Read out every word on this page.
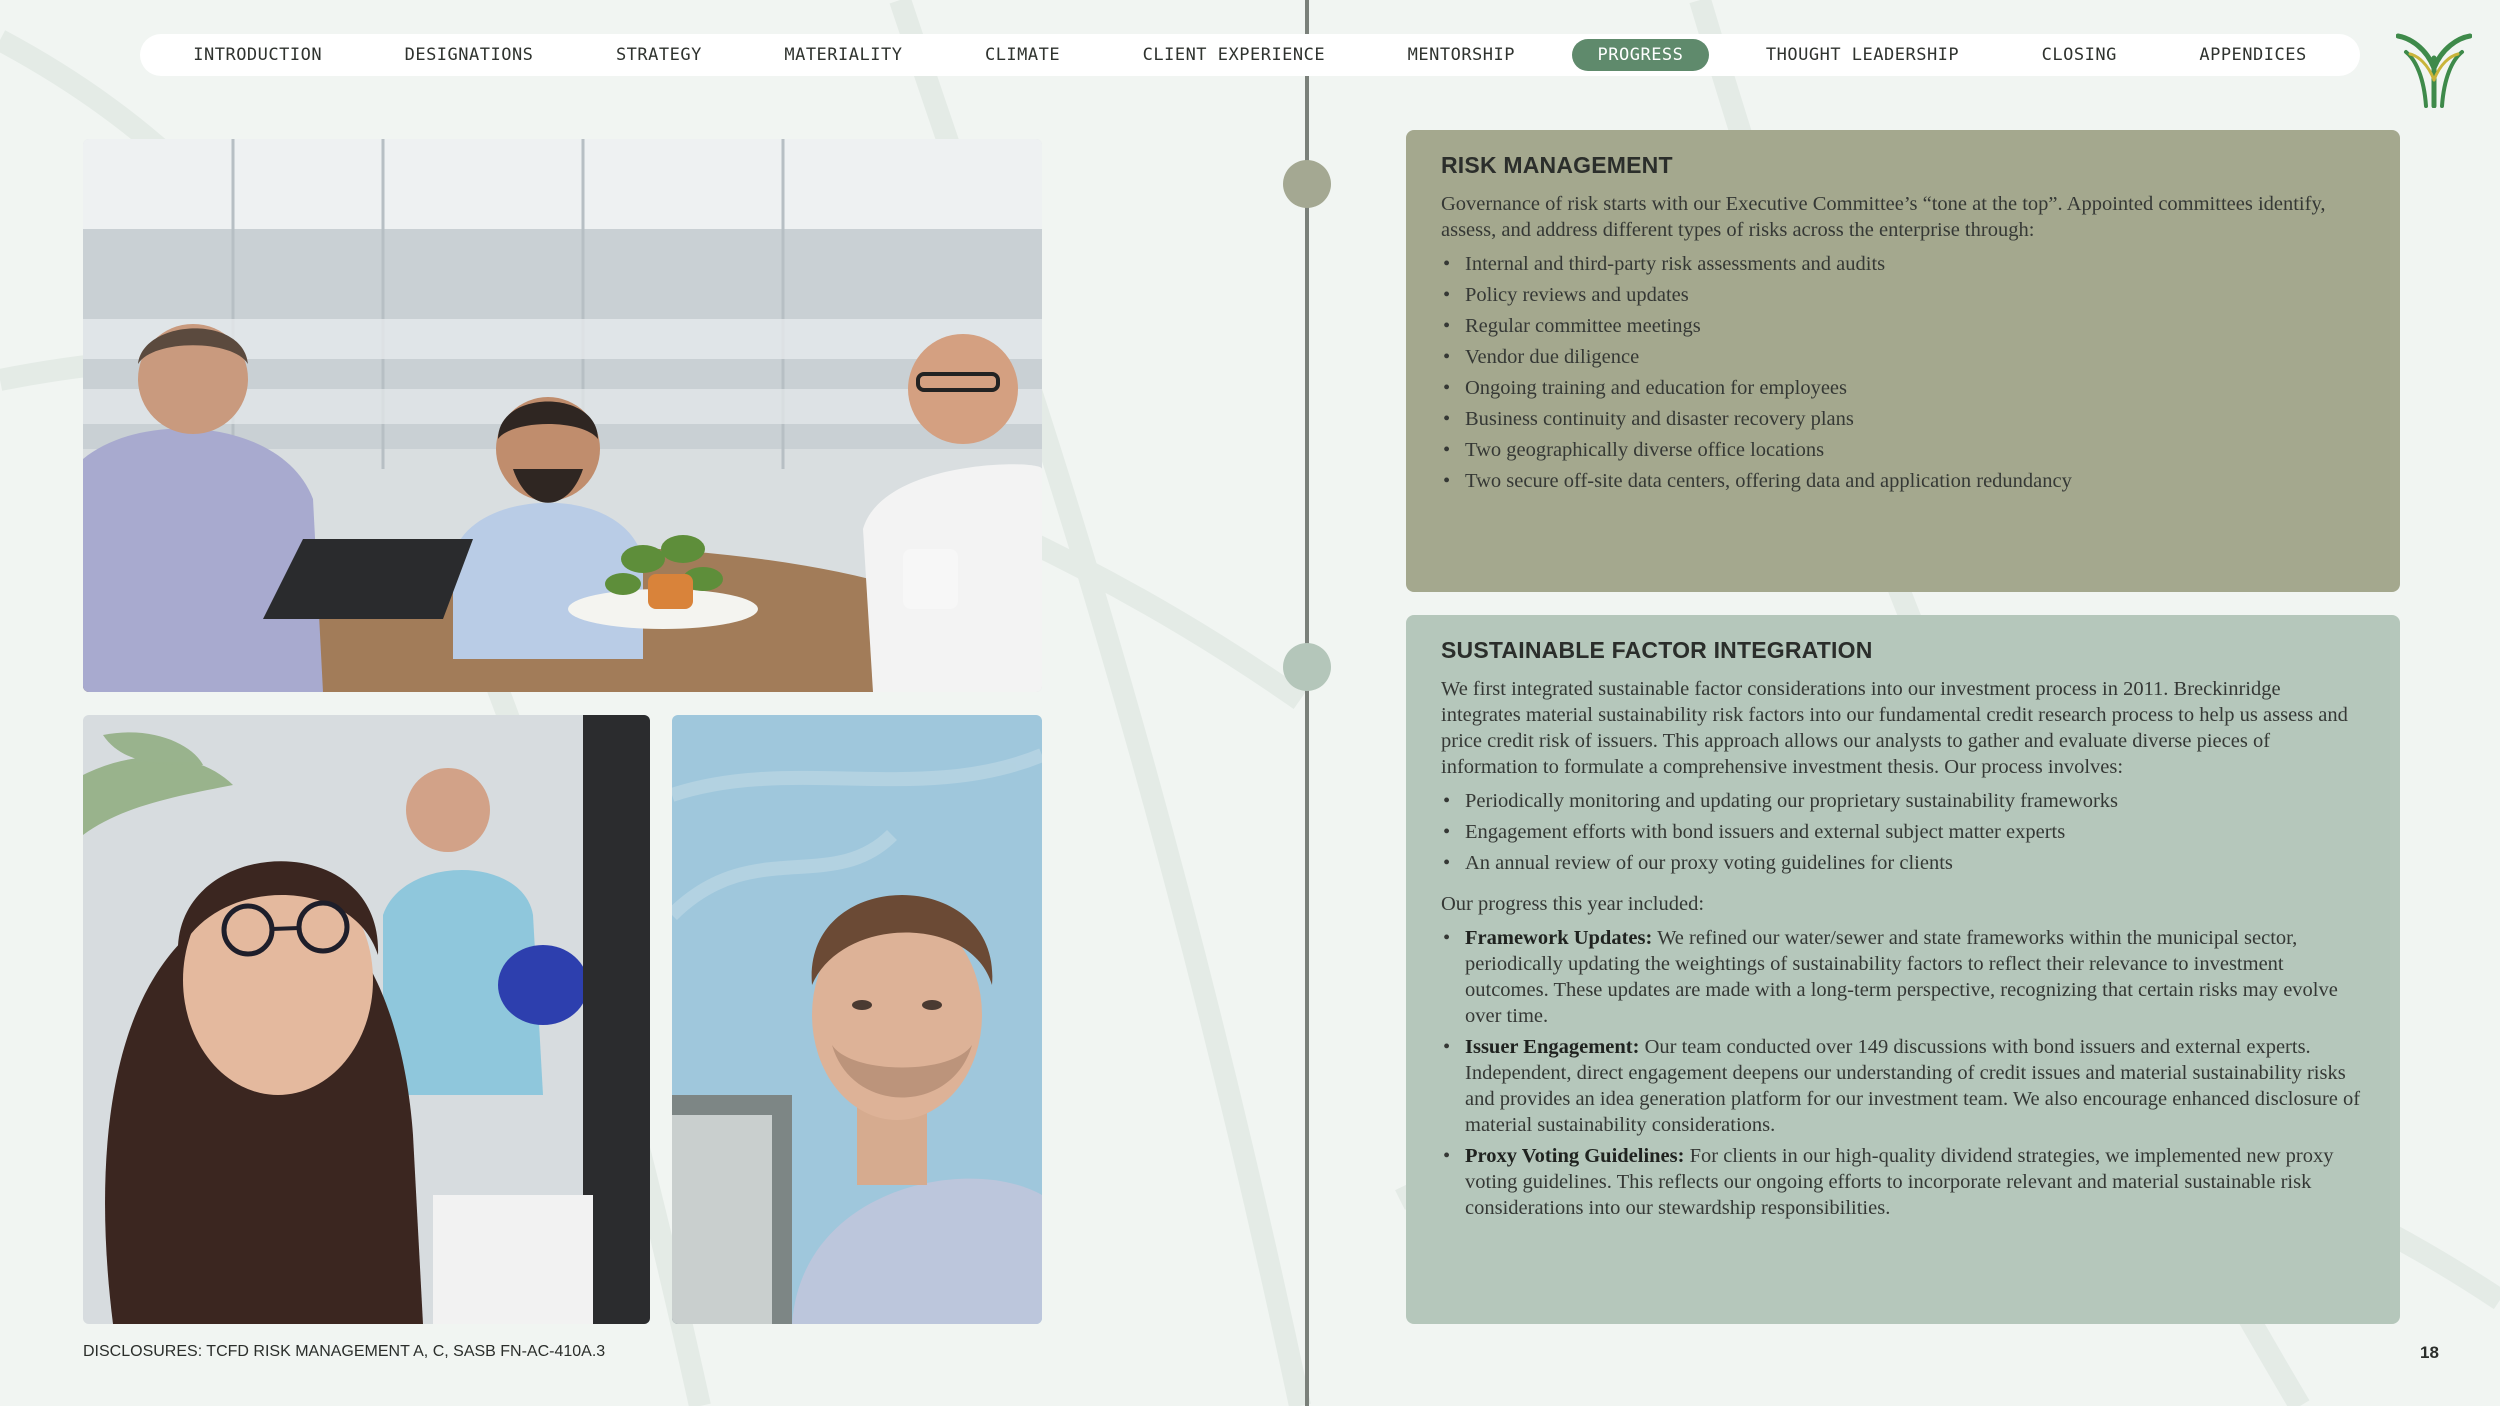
INTRODUCTION	DESIGNATIONS	STRATEGY	MATERIALITY	CLIMATE	CLIENT EXPERIENCE	MENTORSHIP	PROGRESS	THOUGHT LEADERSHIP	CLOSING	APPENDICES
RISK MANAGEMENT

Governance of risk starts with our Executive Committee’s “tone at the top”. Appointed committees identify, assess, and address different types of risks across the enterprise through:

• Internal and third-party risk assessments and audits
• Policy reviews and updates
• Regular committee meetings
• Vendor due diligence
• Ongoing training and education for employees
• Business continuity and disaster recovery plans
• Two geographically diverse office locations
• Two secure off-site data centers, offering data and application redundancy
SUSTAINABLE FACTOR INTEGRATION

We first integrated sustainable factor considerations into our investment process in 2011. Breckinridge integrates material sustainability risk factors into our fundamental credit research process to help us assess and price credit risk of issuers. This approach allows our analysts to gather and evaluate diverse pieces of information to formulate a comprehensive investment thesis. Our process involves:

• Periodically monitoring and updating our proprietary sustainability frameworks
• Engagement efforts with bond issuers and external subject matter experts
• An annual review of our proxy voting guidelines for clients

Our progress this year included:

• Framework Updates: We refined our water/sewer and state frameworks within the municipal sector, periodically updating the weightings of sustainability factors to reflect their relevance to investment outcomes. These updates are made with a long-term perspective, recognizing that certain risks may evolve over time.
• Issuer Engagement: Our team conducted over 149 discussions with bond issuers and external experts. Independent, direct engagement deepens our understanding of credit issues and material sustainability risks and provides an idea generation platform for our investment team. We also encourage enhanced disclosure of material sustainability considerations.
• Proxy Voting Guidelines: For clients in our high-quality dividend strategies, we implemented new proxy voting guidelines. This reflects our ongoing efforts to incorporate relevant and material sustainable risk considerations into our stewardship responsibilities.
DISCLOSURES: TCFD RISK MANAGEMENT A, C, SASB FN-AC-410A.3	18
